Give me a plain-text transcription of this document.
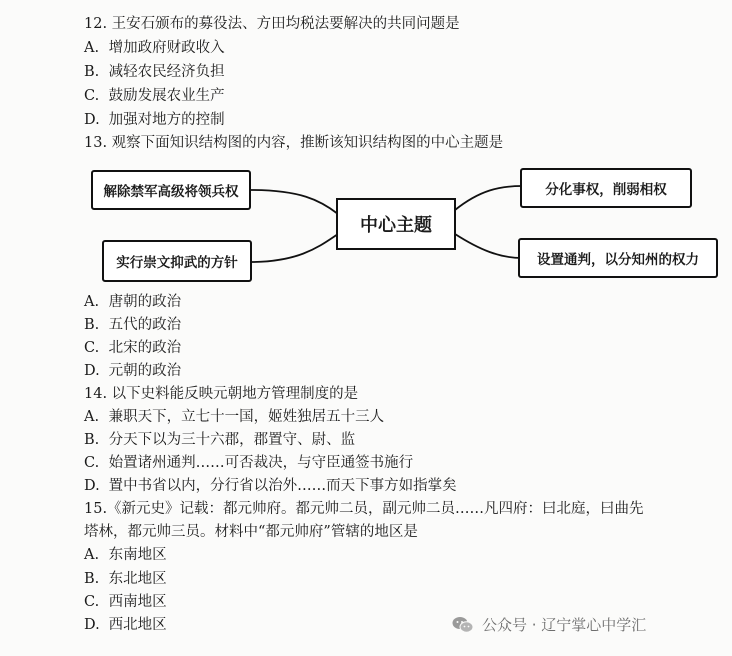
12. 王安石颁布的募役法、方田均税法要解决的共同问题是
A. 增加政府财政收入
B. 减轻农民经济负担
C. 鼓励发展农业生产
D. 加强对地方的控制
13. 观察下面知识结构图的内容，推断该知识结构图的中心主题是
解除禁军高级将领兵权
实行崇文抑武的方针
中心主题
分化事权，削弱相权
设置通判，以分知州的权力
A. 唐朝的政治
B. 五代的政治
C. 北宋的政治
D. 元朝的政治
14. 以下史料能反映元朝地方管理制度的是
A. 兼职天下，立七十一国，姬姓独居五十三人
B. 分天下以为三十六郡，郡置守、尉、监
C. 始置诸州通判……可否裁决，与守臣通签书施行
D. 置中书省以内，分行省以治外……而天下事方如指掌矣
15.《新元史》记载：都元帅府。都元帅二员，副元帅二员……凡四府：曰北庭，曰曲先
塔林，都元帅三员。材料中“都元帅府”管辖的地区是
A. 东南地区
B. 东北地区
C. 西南地区
D. 西北地区	公众号 · 辽宁掌心中学汇
